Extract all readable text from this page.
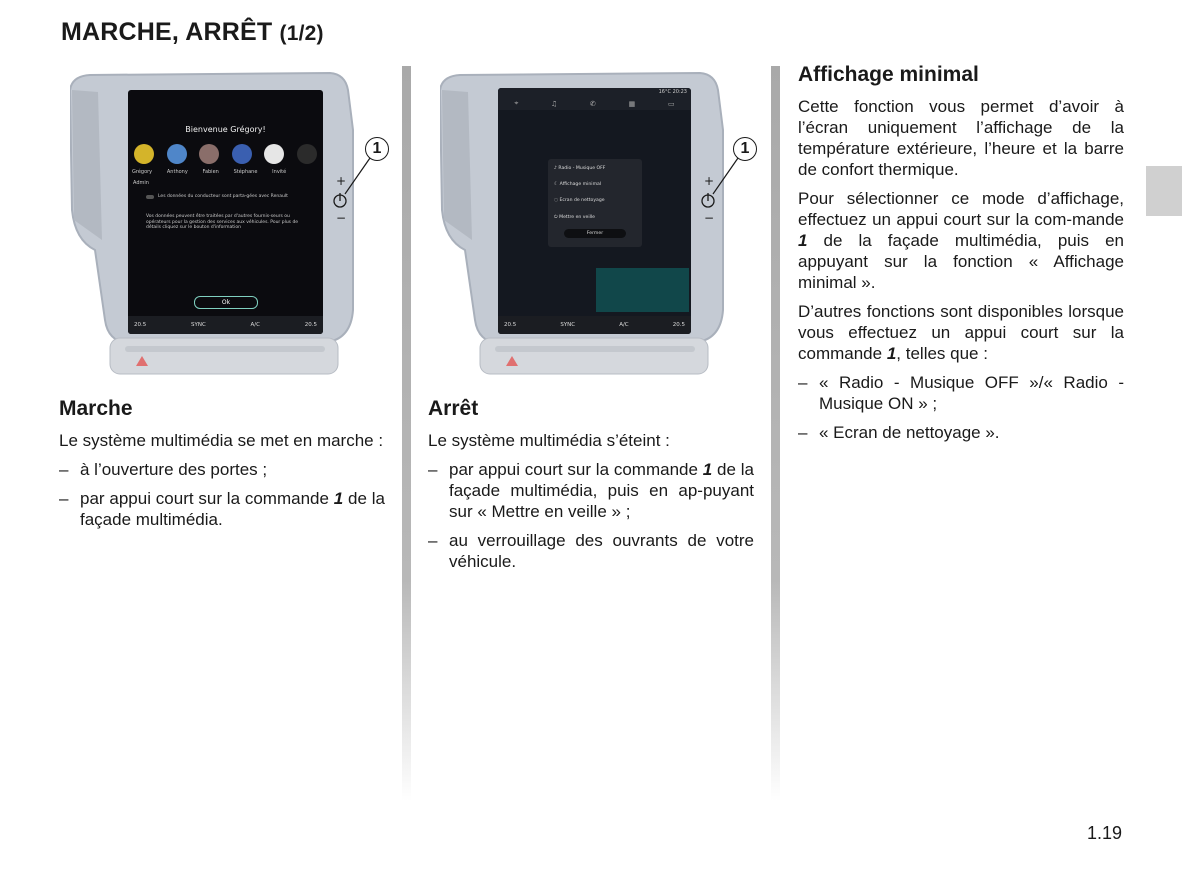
MARCHE, ARRÊT (1/2)
+
−
Bienvenue Grégory!
Grégory	Anthony	Fabien	Stéphane	Invité
Admin
Les données du conducteur sont parta-gées avec Renault
Vos données peuvent être traitées par d'autres fournis-seurs ou opérateurs pour la gestion des services aux véhicules. Pour plus de détails cliquez sur le bouton d'information
Ok
20.5	SYNC	A/C	20.5
1
+
−
⌖	♫	✆	▦	▭
16°C 20:23
♪ Radio - Musique OFF
☾ Affichage minimal
◌ Ecran de nettoyage
⏻ Mettre en veille
Fermer
20.5	SYNC	A/C	20.5
1
Marche

Le système multimédia se met en marche :

– à l’ouverture des portes ;
– par appui court sur la commande 1 de la façade multimédia.
Arrêt

Le système multimédia s’éteint :

– par appui court sur la commande 1 de la façade multimédia, puis en ap-puyant sur « Mettre en veille » ;
– au verrouillage des ouvrants de votre véhicule.
Affichage minimal

Cette fonction vous permet d’avoir à l’écran uniquement l’affichage de la température extérieure, l’heure et la barre de confort thermique.

Pour sélectionner ce mode d’affichage, effectuez un appui court sur la com-mande 1 de la façade multimédia, puis en appuyant sur la fonction « Affichage minimal ».

D’autres fonctions sont disponibles lorsque vous effectuez un appui court sur la commande 1, telles que :

– « Radio - Musique OFF »/« Radio - Musique ON » ;
– « Ecran de nettoyage ».
1.19
